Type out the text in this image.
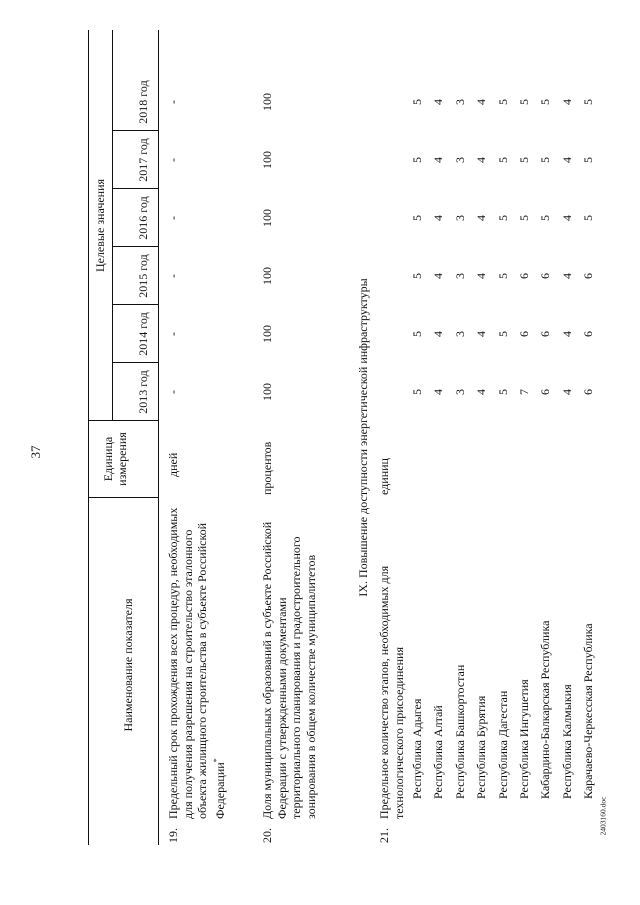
37
2403160.doc
Наименование показателя
Единица измерения
Целевые значения
2013 год
2014 год
2015 год
2016 год
2017 год
2018 год
19.
Предельный срок прохождения всех процедур, необходимых для получения разрешения на строительство эталонного объекта жилищного строительства в субъекте Российской Федерации*
дней
-
-
-
-
-
-
20.
Доля муниципальных образований в субъекте Российской Федерации с утвержденными документами территориального планирования и градостроительного зонирования в общем количестве муниципалитетов
процентов
100
100
100
100
100
100
IX. Повышение доступности энергетической инфраструктуры
21.
Предельное количество этапов, необходимых для технологического присоединения
единиц
Республика Адыгея
5
5
5
5
5
5
Республика Алтай
4
4
4
4
4
4
Республика Башкортостан
3
3
3
3
3
3
Республика Бурятия
4
4
4
4
4
4
Республика Дагестан
5
5
5
5
5
5
Республика Ингушетия
7
6
6
5
5
5
Кабардино-Балкарская Республика
6
6
6
5
5
5
Республика Калмыкия
4
4
4
4
4
4
Карачаево-Черкесская Республика
6
6
6
5
5
5
